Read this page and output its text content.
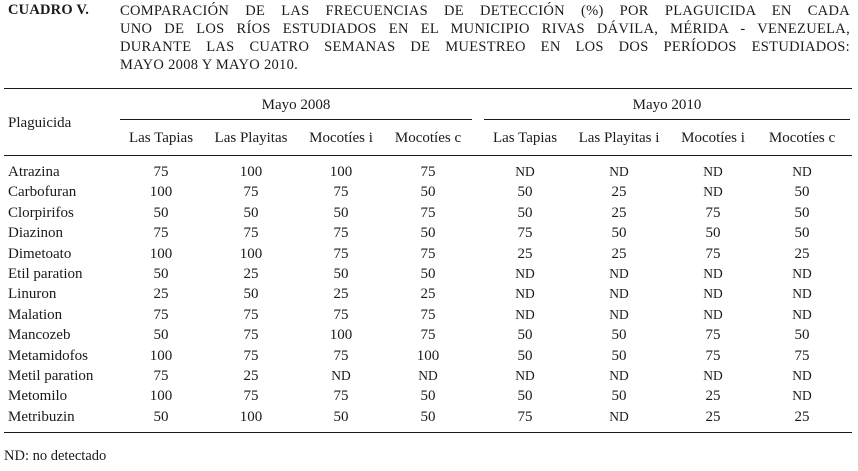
CUADRO V. COMPARACIÓN DE LAS FRECUENCIAS DE DETECCIÓN (%) POR PLAGUICIDA EN CADA
UNO DE LOS RÍOS ESTUDIADOS EN EL MUNICIPIO RIVAS DÁVILA, MÉRIDA - VENEZUELA,
DURANTE LAS CUATRO SEMANAS DE MUESTREO EN LOS DOS PERÍODOS ESTUDIADOS:
MAYO 2008 Y MAYO 2010.
Plaguicida
Mayo 2008	Mayo 2010
Las Tapias	Las Playitas	Mocotíes i	Mocotíes c	Las Tapias	Las Playitas i	Mocotíes i	Mocotíes c
Atrazina	75	100	100	75	ND	ND	ND	ND
Carbofuran	100	75	75	50	50	25	ND	50
Clorpirifos	50	50	50	75	50	25	75	50
Diazinon	75	75	75	50	75	50	50	50
Dimetoato	100	100	75	75	25	25	75	25
Etil paration	50	25	50	50	ND	ND	ND	ND
Linuron	25	50	25	25	ND	ND	ND	ND
Malation	75	75	75	75	ND	ND	ND	ND
Mancozeb	50	75	100	75	50	50	75	50
Metamidofos	100	75	75	100	50	50	75	75
Metil paration	75	25	ND	ND	ND	ND	ND	ND
Metomilo	100	75	75	50	50	50	25	ND
Metribuzin	50	100	50	50	75	ND	25	25
ND: no detectado
